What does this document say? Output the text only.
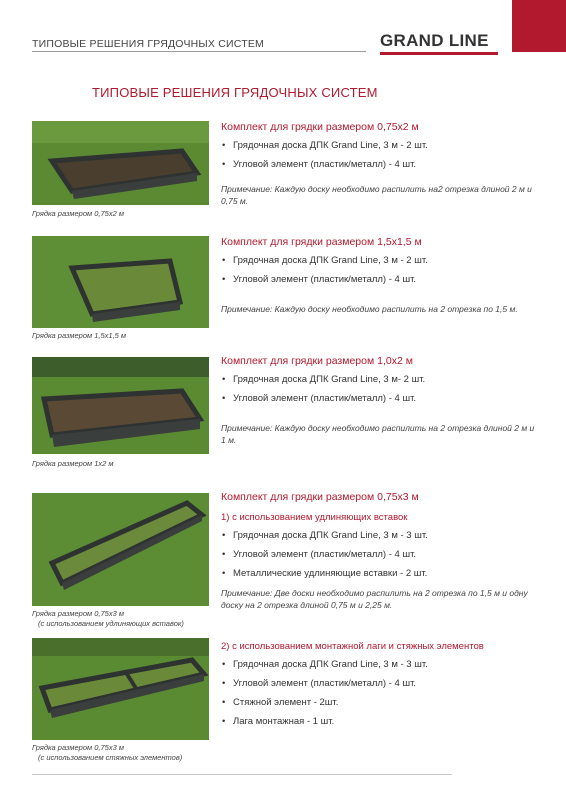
ТИПОВЫЕ РЕШЕНИЯ ГРЯДОЧНЫХ СИСТЕМ	GRAND LINE
ТИПОВЫЕ РЕШЕНИЯ ГРЯДОЧНЫХ СИСТЕМ
Грядка размером 0,75х2 м
Грядка размером 1,5х1,5 м
Грядка размером 1х2 м
Грядка размером 0,75х3 м
(с использованием удлиняющих вставок)
Грядка размером 0,75х3 м
(с использованием стяжных элементов)
Комплект для грядки размером 0,75х2 м
• Грядочная доска ДПК Grand Line, 3 м - 2 шт.
• Угловой элемент (пластик/металл) - 4 шт.
Примечание: Каждую доску необходимо распилить на2 отрезка длиной 2 м и 0,75 м.
Комплект для грядки размером 1,5х1,5 м
• Грядочная доска ДПК Grand Line, 3 м - 2 шт.
• Угловой элемент (пластик/металл) - 4 шт.
Примечание: Каждую доску необходимо распилить на 2 отрезка по 1,5 м.
Комплект для грядки размером 1,0х2 м
• Грядочная доска ДПК Grand Line, 3 м- 2 шт.
• Угловой элемент (пластик/металл) - 4 шт.
Примечание: Каждую доску необходимо распилить на 2 отрезка длиной 2 м и 1 м.
Комплект для грядки размером 0,75х3 м
1) с использованием удлиняющих вставок
• Грядочная доска ДПК Grand Line, 3 м - 3 шт.
• Угловой элемент (пластик/металл) - 4 шт.
• Металлические удлиняющие вставки - 2 шт.
Примечание: Две доски необходимо распилить на 2 отрезка по 1,5 м и одну доску на 2 отрезка длиной 0,75 м и 2,25 м.
2) с использованием монтажной лаги и стяжных элементов
• Грядочная доска ДПК Grand Line, 3 м - 3 шт.
• Угловой элемент (пластик/металл) - 4 шт.
• Стяжной элемент - 2шт.
• Лага монтажная - 1 шт.
